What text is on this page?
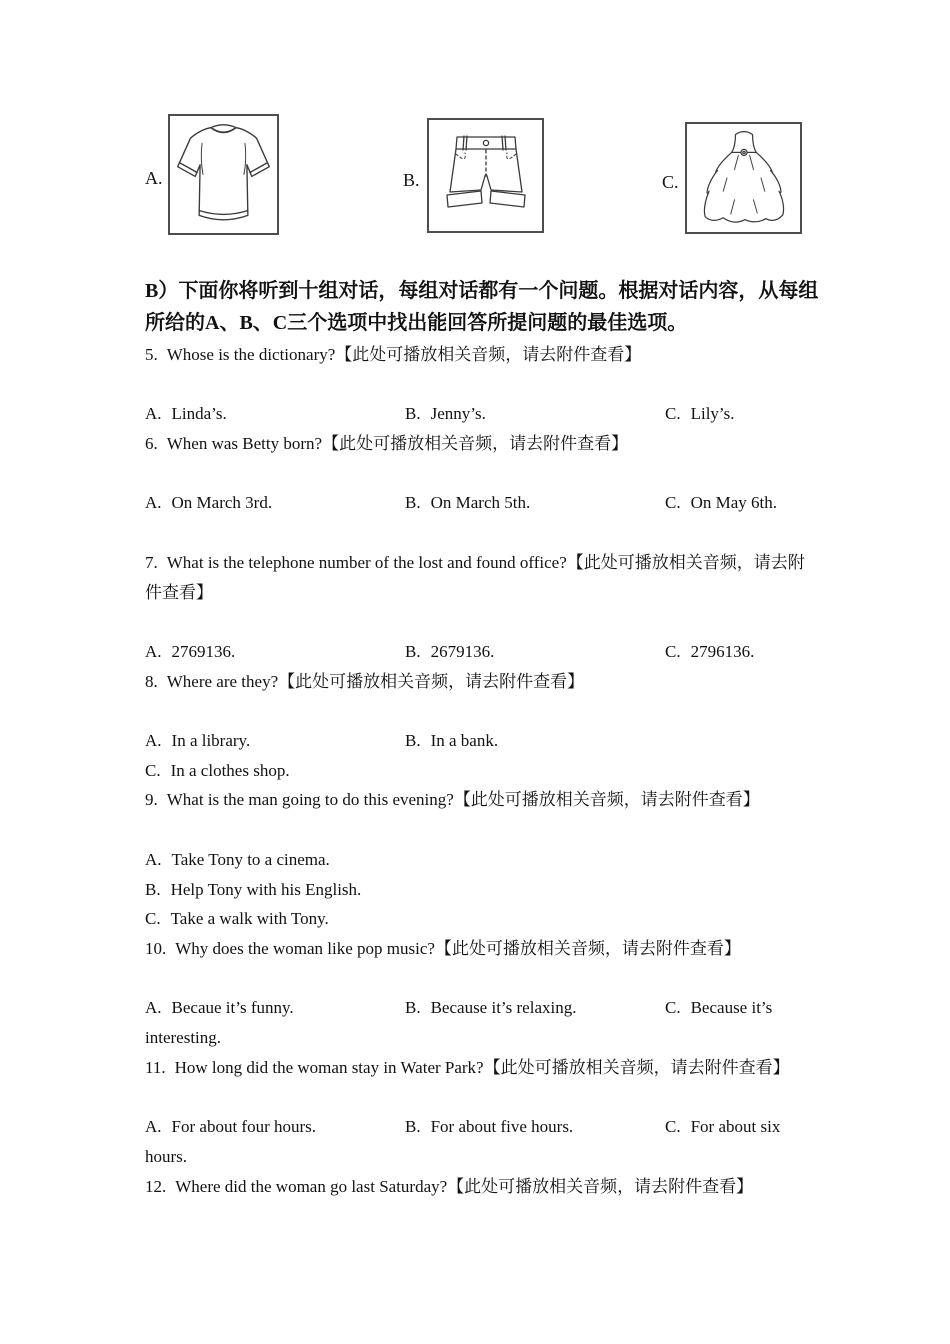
A.	B.	C.
B）下面你将听到十组对话，每组对话都有一个问题。根据对话内容，从每组
所给的A、B、C三个选项中找出能回答所提问题的最佳选项。

5. Whose is the dictionary?【此处可播放相关音频，请去附件查看】

A. Linda’s.	B. Jenny’s.	C. Lily’s.

6. When was Betty born?【此处可播放相关音频，请去附件查看】

A. On March 3rd.	B. On March 5th.	C. On May 6th.

7. What is the telephone number of the lost and found office?【此处可播放相关音频，请去附件查看】

A. 2769136.	B. 2679136.	C. 2796136.

8. Where are they?【此处可播放相关音频，请去附件查看】

A. In a library.	B. In a bank.C. In a clothes shop.

9. What is the man going to do this evening?【此处可播放相关音频，请去附件查看】

A. Take Tony to a cinema.

B. Help Tony with his English.

C. Take a walk with Tony.

10. Why does the woman like pop music?【此处可播放相关音频，请去附件查看】

A. Becaue it’s funny.	B. Because it’s relaxing.	C. Because it’s interesting.

11. How long did the woman stay in Water Park?【此处可播放相关音频，请去附件查看】

A. For about four hours.	B. For about five hours.	C. For about six hours.

12. Where did the woman go last Saturday?【此处可播放相关音频，请去附件查看】
